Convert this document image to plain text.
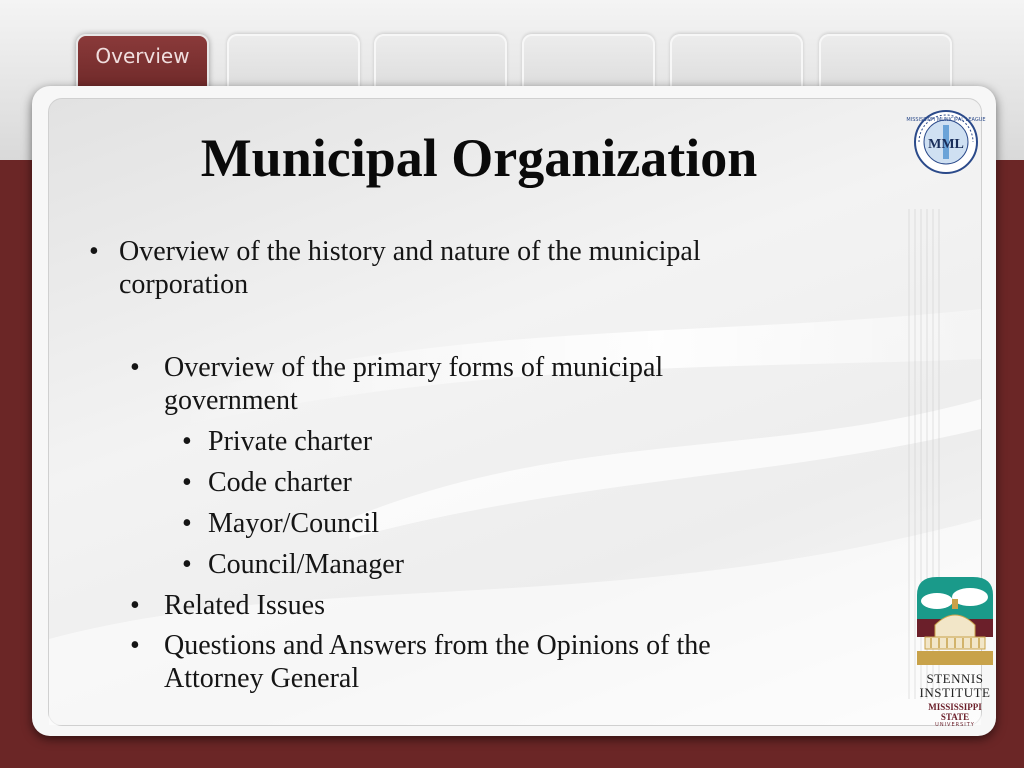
Overview
Municipal Organization
• Overview of the history and nature of the municipal
corporation
• Overview of the primary forms of municipal
government
• Private charter
• Code charter
• Mayor/Council
• Council/Manager
• Related Issues
• Questions and Answers from the Opinions of the
Attorney General
MISSISSIPPI MUNICIPAL LEAGUE
MML
STENNIS
INSTITUTE
MISSISSIPPI STATE
UNIVERSITY
